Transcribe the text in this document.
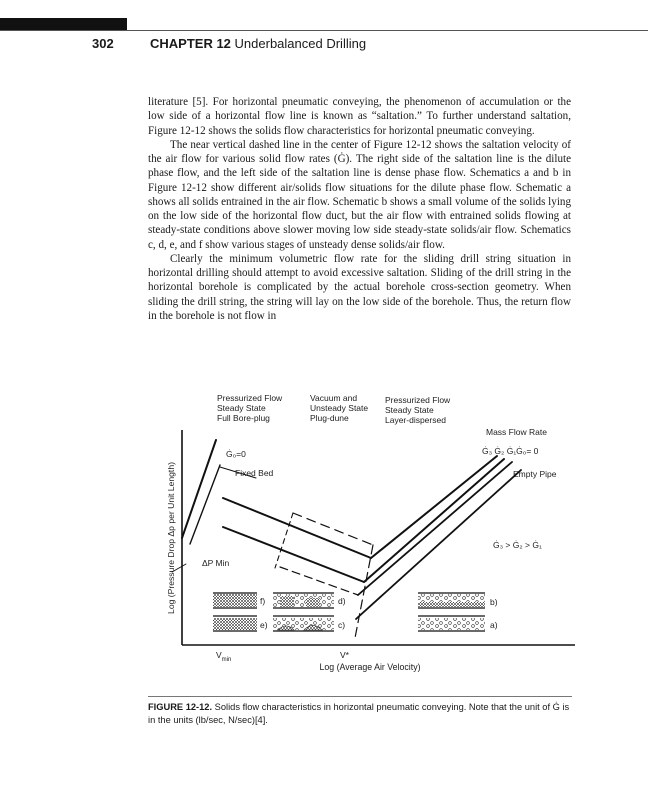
302	CHAPTER 12 Underbalanced Drilling

literature [5]. For horizontal pneumatic conveying, the phenomenon of accumulation or the low side of a horizontal flow line is known as “saltation.” To further understand saltation, Figure 12-12 shows the solids flow characteristics for horizontal pneumatic conveying.

The near vertical dashed line in the center of Figure 12-12 shows the saltation velocity of the air flow for various solid flow rates (Ġ). The right side of the saltation line is the dilute phase flow, and the left side of the saltation line is dense phase flow. Schematics a and b in Figure 12-12 show different air/solids flow situations for the dilute phase flow. Schematic a shows all solids entrained in the air flow. Schematic b shows a small volume of the solids lying on the low side of the horizontal flow duct, but the air flow with entrained solids flowing at steady-state conditions above slower moving low side steady-state solids/air flow. Schematics c, d, e, and f show various stages of unsteady dense solids/air flow.

Clearly the minimum volumetric flow rate for the sliding drill string situation in horizontal drilling should attempt to avoid excessive saltation. Sliding of the drill string in the horizontal borehole is complicated by the actual borehole cross-section geometry. When sliding the drill string, the string will lay on the low side of the borehole. Thus, the return flow in the borehole is not flow in

Pressurized Flow Steady State Full Bore-plug
Vacuum and Unsteady State Plug-dune
Pressurized Flow Steady State Layer-dispersed
Mass Flow Rate
Ġ₀=0	Ġ₃ Ġ₂ Ġ₁Ġ₀= 0
Fixed Bed	Empty Pipe
Ġ₃ > Ġ₂ > Ġ₁
ΔP Min
Log (Pressure Drop Δp per Unit Length)	f)
e)
d)
c)
b)
a)
$V_{min}$	V*
Log (Average Air Velocity)
FIGURE 12-12. Solids flow characteristics in horizontal pneumatic conveying. Note that the unit of Ġ is in the units (lb/sec, N/sec)[4].
